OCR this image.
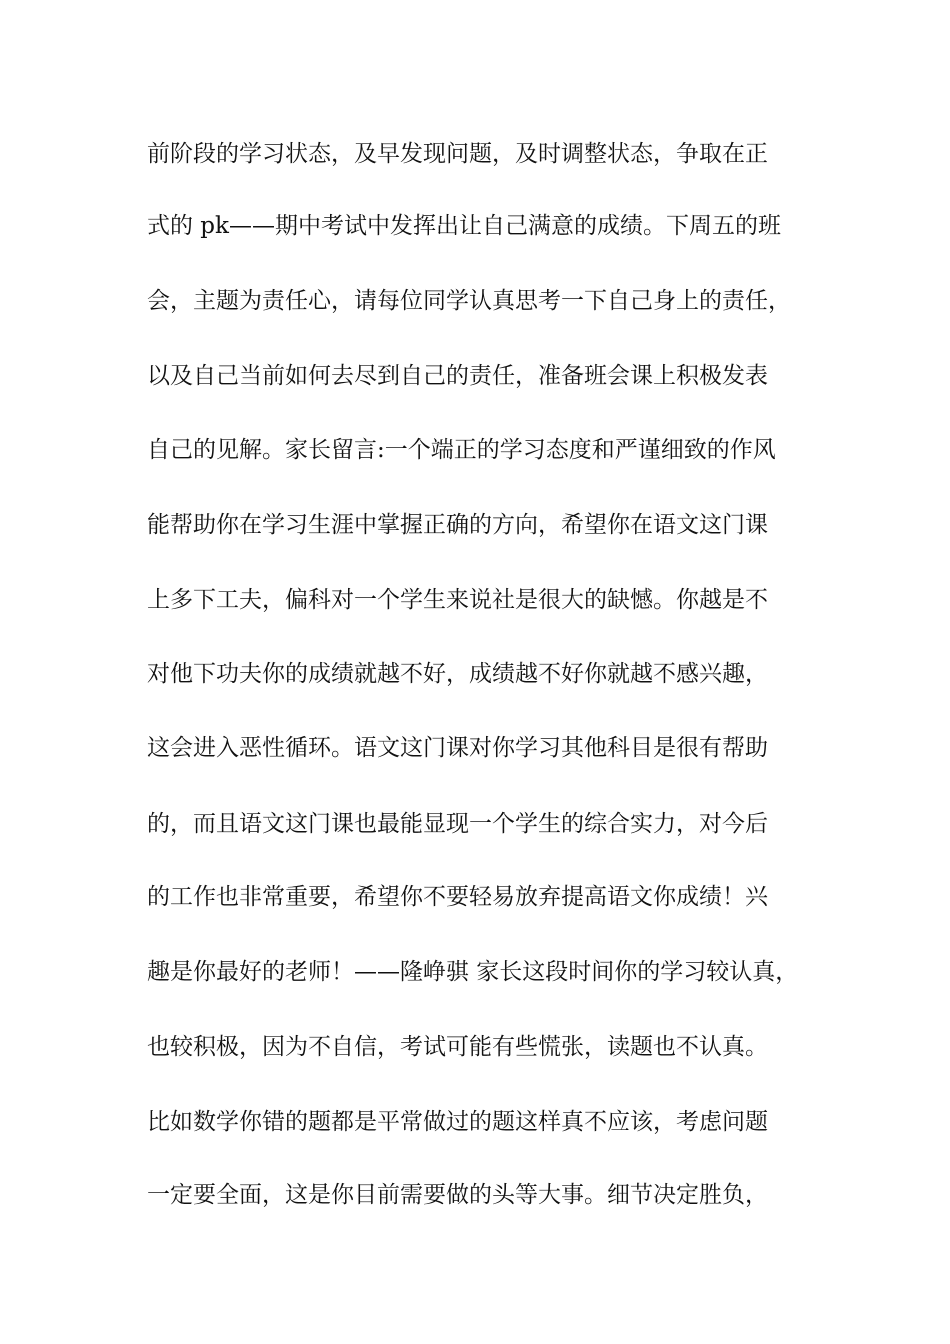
前阶段的学习状态，及早发现问题，及时调整状态，争取在正
式的 pk——期中考试中发挥出让自己满意的成绩。下周五的班
会，主题为责任心，请每位同学认真思考一下自己身上的责任，
以及自己当前如何去尽到自己的责任，准备班会课上积极发表
自己的见解。家长留言:一个端正的学习态度和严谨细致的作风
能帮助你在学习生涯中掌握正确的方向，希望你在语文这门课
上多下工夫，偏科对一个学生来说社是很大的缺憾。你越是不
对他下功夫你的成绩就越不好，成绩越不好你就越不感兴趣，
这会进入恶性循环。语文这门课对你学习其他科目是很有帮助
的，而且语文这门课也最能显现一个学生的综合实力，对今后
的工作也非常重要，希望你不要轻易放弃提高语文你成绩！兴
趣是你最好的老师！——隆峥骐 家长这段时间你的学习较认真，
也较积极，因为不自信，考试可能有些慌张，读题也不认真。
比如数学你错的题都是平常做过的题这样真不应该，考虑问题
一定要全面，这是你目前需要做的头等大事。细节决定胜负，
